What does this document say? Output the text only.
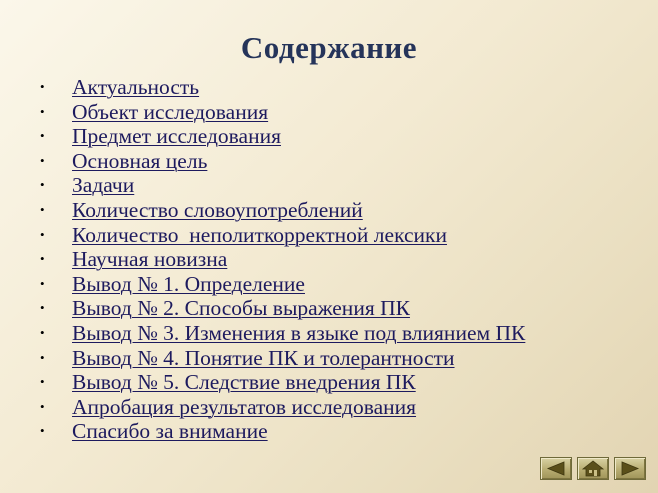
Содержание
•	Актуальность
•	Объект исследования
•	Предмет исследования
•	Основная цель
•	Задачи
•	Количество словоупотреблений
•	Количество  неполиткорректной лексики
•	Научная новизна
•	Вывод № 1. Определение
•	Вывод № 2. Способы выражения ПК
•	Вывод № 3. Изменения в языке под влиянием ПК
•	Вывод № 4. Понятие ПК и толерантности
•	Вывод № 5. Следствие внедрения ПК
•	Апробация результатов исследования
•	Спасибо за внимание
